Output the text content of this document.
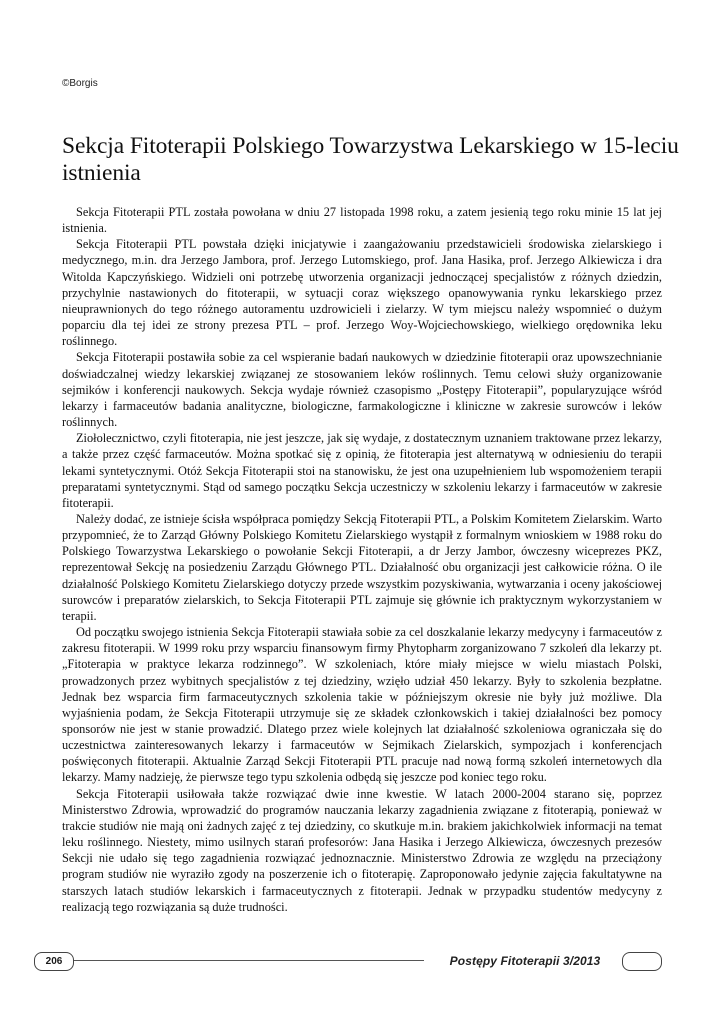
©Borgis
Sekcja Fitoterapii Polskiego Towarzystwa Lekarskiego w 15-leciu istnienia

Sekcja Fitoterapii PTL została powołana w dniu 27 listopada 1998 roku, a zatem jesienią tego roku minie 15 lat jej istnienia.

Sekcja Fitoterapii PTL powstała dzięki inicjatywie i zaangażowaniu przedstawicieli środowiska zielarskiego i medycznego, m.in. dra Jerzego Jambora, prof. Jerzego Lutomskiego, prof. Jana Hasika, prof. Jerzego Alkiewicza i dra Witolda Kapczyńskiego. Widzieli oni potrzebę utworzenia organizacji jednoczącej specjalistów z różnych dziedzin, przychylnie nastawionych do fitoterapii, w sytuacji coraz większego opanowywania rynku lekarskiego przez nieuprawnionych do tego różnego autoramentu uzdrowicieli i zielarzy. W tym miejscu należy wspomnieć o dużym poparciu dla tej idei ze strony prezesa PTL – prof. Jerzego Woy-Wojciechowskiego, wielkiego orędownika leku roślinnego.

Sekcja Fitoterapii postawiła sobie za cel wspieranie badań naukowych w dziedzinie fitoterapii oraz upowszechnianie doświadczalnej wiedzy lekarskiej związanej ze stosowaniem leków roślinnych. Temu celowi służy organizowanie sejmików i konferencji naukowych. Sekcja wydaje również czasopismo „Postępy Fitoterapii”, popularyzujące wśród lekarzy i farmaceutów badania analityczne, biologiczne, farmakologiczne i kliniczne w zakresie surowców i leków roślinnych.

Ziołolecznictwo, czyli fitoterapia, nie jest jeszcze, jak się wydaje, z dostatecznym uznaniem traktowane przez lekarzy, a także przez część farmaceutów. Można spotkać się z opinią, że fitoterapia jest alternatywą w odniesieniu do terapii lekami syntetycznymi. Otóż Sekcja Fitoterapii stoi na stanowisku, że jest ona uzupełnieniem lub wspomożeniem terapii preparatami syntetycznymi. Stąd od samego początku Sekcja uczestniczy w szkoleniu lekarzy i farmaceutów w zakresie fitoterapii.

Należy dodać, ze istnieje ścisła współpraca pomiędzy Sekcją Fitoterapii PTL, a Polskim Komitetem Zielarskim. Warto przypomnieć, że to Zarząd Główny Polskiego Komitetu Zielarskiego wystąpił z formalnym wnioskiem w 1988 roku do Polskiego Towarzystwa Lekarskiego o powołanie Sekcji Fitoterapii, a dr Jerzy Jambor, ówczesny wiceprezes PKZ, reprezentował Sekcję na posiedzeniu Zarządu Głównego PTL. Działalność obu organizacji jest całkowicie różna. O ile działalność Polskiego Komitetu Zielarskiego dotyczy przede wszystkim pozyskiwania, wytwarzania i oceny jakościowej surowców i preparatów zielarskich, to Sekcja Fitoterapii PTL zajmuje się głównie ich praktycznym wykorzystaniem w terapii.

Od początku swojego istnienia Sekcja Fitoterapii stawiała sobie za cel doszkalanie lekarzy medycyny i farmaceutów z zakresu fitoterapii. W 1999 roku przy wsparciu finansowym firmy Phytopharm zorganizowano 7 szkoleń dla lekarzy pt. „Fitoterapia w praktyce lekarza rodzinnego”. W szkoleniach, które miały miejsce w wielu miastach Polski, prowadzonych przez wybitnych specjalistów z tej dziedziny, wzięło udział 450 lekarzy. Były to szkolenia bezpłatne. Jednak bez wsparcia firm farmaceutycznych szkolenia takie w późniejszym okresie nie były już możliwe. Dla wyjaśnienia podam, że Sekcja Fitoterapii utrzymuje się ze składek członkowskich i takiej działalności bez pomocy sponsorów nie jest w stanie prowadzić. Dlatego przez wiele kolejnych lat działalność szkoleniowa ograniczała się do uczestnictwa zainteresowanych lekarzy i farmaceutów w Sejmikach Zielarskich, sympozjach i konferencjach poświęconych fitoterapii. Aktualnie Zarząd Sekcji Fitoterapii PTL pracuje nad nową formą szkoleń internetowych dla lekarzy. Mamy nadzieję, że pierwsze tego typu szkolenia odbędą się jeszcze pod koniec tego roku.

Sekcja Fitoterapii usiłowała także rozwiązać dwie inne kwestie. W latach 2000-2004 starano się, poprzez Ministerstwo Zdrowia, wprowadzić do programów nauczania lekarzy zagadnienia związane z fitoterapią, ponieważ w trakcie studiów nie mają oni żadnych zajęć z tej dziedziny, co skutkuje m.in. brakiem jakichkolwiek informacji na temat leku roślinnego. Niestety, mimo usilnych starań profesorów: Jana Hasika i Jerzego Alkiewicza, ówczesnych prezesów Sekcji nie udało się tego zagadnienia rozwiązać jednoznacznie. Ministerstwo Zdrowia ze względu na przeciążony program studiów nie wyraziło zgody na poszerzenie ich o fitoterapię. Zaproponowało jedynie zajęcia fakultatywne na starszych latach studiów lekarskich i farmaceutycznych z fitoterapii. Jednak w przypadku studentów medycyny z realizacją tego rozwiązania są duże trudności.

206	Postępy Fitoterapii 3/2013
